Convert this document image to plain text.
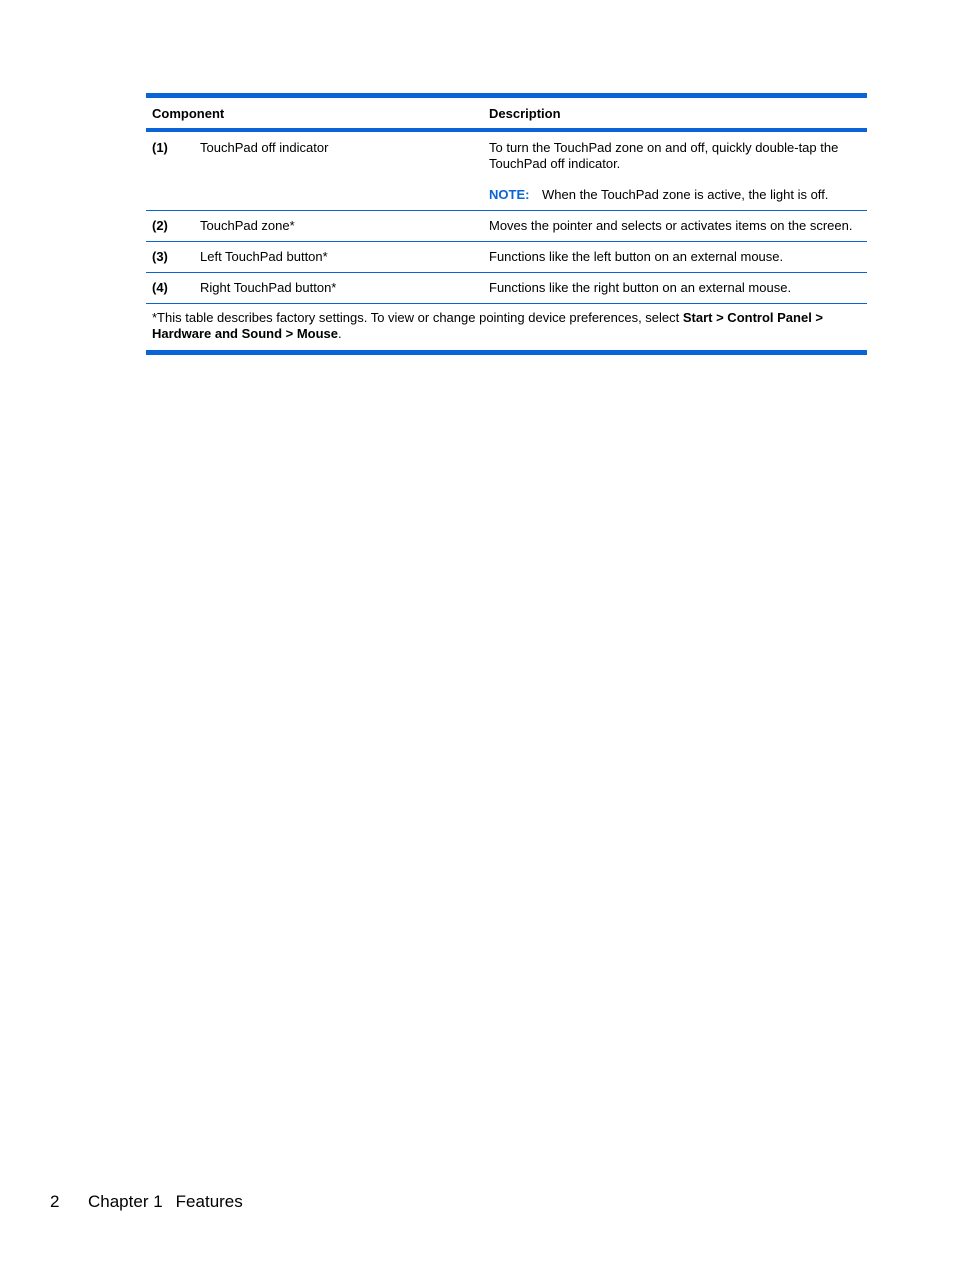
Component	Description
(1)	TouchPad off indicator	To turn the TouchPad zone on and off, quickly double-tap the TouchPad off indicator.
NOTE: When the TouchPad zone is active, the light is off.
(2)	TouchPad zone*	Moves the pointer and selects or activates items on the screen.
(3)	Left TouchPad button*	Functions like the left button on an external mouse.
(4)	Right TouchPad button*	Functions like the right button on an external mouse.
*This table describes factory settings. To view or change pointing device preferences, select Start > Control Panel > Hardware and Sound > Mouse.
2 Chapter 1 Features
